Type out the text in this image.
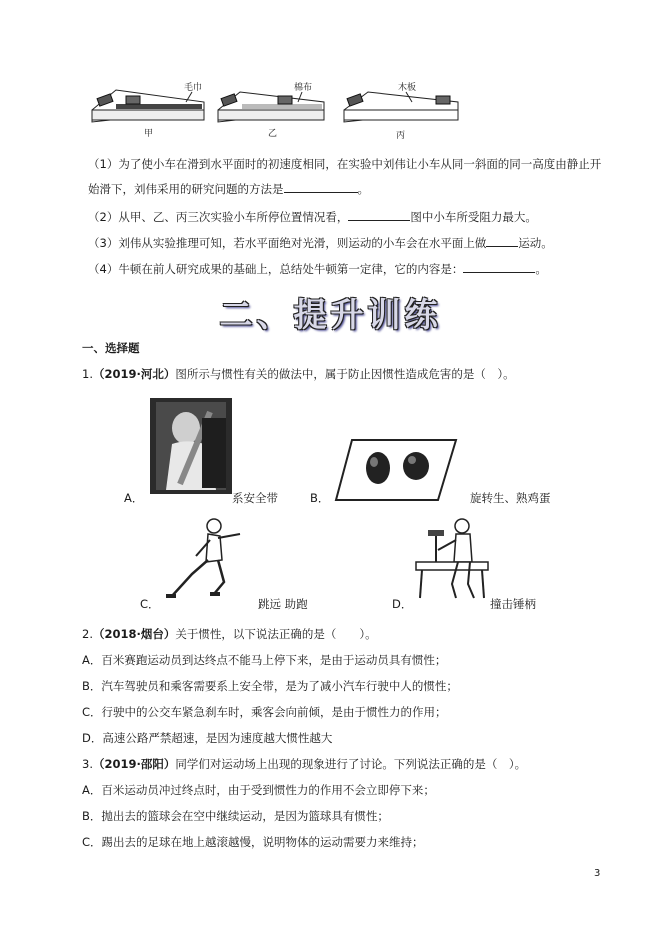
毛巾
甲
棉布
乙
木板
丙
（1）为了使小车在滑到水平面时的初速度相同，在实验中刘伟让小车从同一斜面的同一高度由静止开
始滑下，刘伟采用的研究问题的方法是	。
（2）从甲、乙、丙三次实验小车所停位置情况看，	图中小车所受阻力最大。
（3）刘伟从实验推理可知，若水平面绝对光滑，则运动的小车会在水平面上做	运动。
（4）牛顿在前人研究成果的基础上，总结处牛顿第一定律，它的内容是：	。
二、提升训练
一、选择题
1.（2019·河北）图所示与惯性有关的做法中，属于防止因惯性造成危害的是（　）。
A．	系安全带	B．	旋转生、熟鸡蛋
C．	跳远 助跑	D．	撞击锤柄
2.（2018·烟台）关于惯性，以下说法正确的是（　　）。
A．百米赛跑运动员到达终点不能马上停下来，是由于运动员具有惯性；
B．汽车驾驶员和乘客需要系上安全带，是为了减小汽车行驶中人的惯性；
C．行驶中的公交车紧急刹车时，乘客会向前倾，是由于惯性力的作用；
D．高速公路严禁超速，是因为速度越大惯性越大
3.（2019·邵阳）同学们对运动场上出现的现象进行了讨论。下列说法正确的是（　）。
A．百米运动员冲过终点时，由于受到惯性力的作用不会立即停下来；
B．抛出去的篮球会在空中继续运动，是因为篮球具有惯性；
C．踢出去的足球在地上越滚越慢，说明物体的运动需要力来维持；
3
